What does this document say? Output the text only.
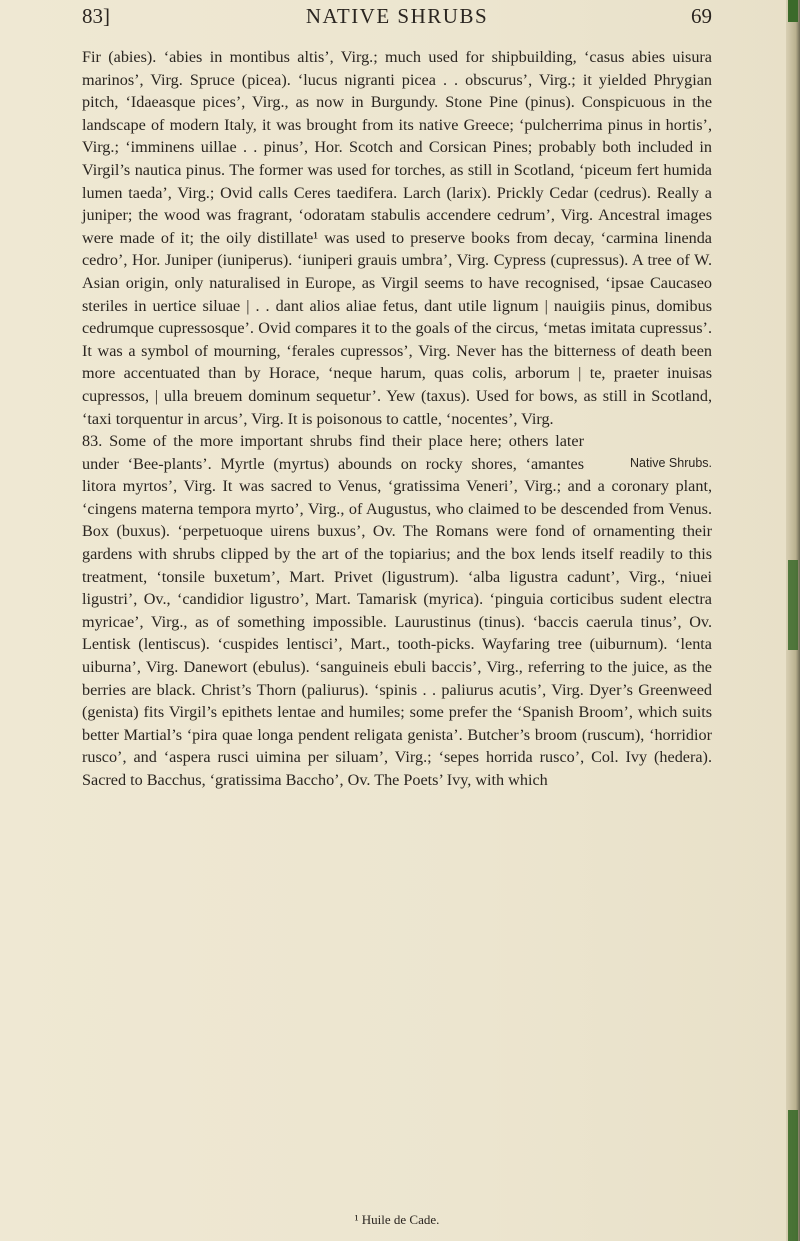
83]	NATIVE SHRUBS	69

Fir (abies). ‘abies in montibus altis’, Virg.; much used for shipbuilding, ‘casus abies uisura marinos’, Virg. Spruce (picea). ‘lucus nigranti picea . . obscurus’, Virg.; it yielded Phrygian pitch, ‘Idaeasque pices’, Virg., as now in Burgundy. Stone Pine (pinus). Conspicuous in the landscape of modern Italy, it was brought from its native Greece; ‘pulcherrima pinus in hortis’, Virg.; ‘imminens uillae . . pinus’, Hor. Scotch and Corsican Pines; probably both included in Virgil’s nautica pinus. The former was used for torches, as still in Scotland, ‘piceum fert humida lumen taeda’, Virg.; Ovid calls Ceres taedifera. Larch (larix). Prickly Cedar (cedrus). Really a juniper; the wood was fragrant, ‘odoratam stabulis accendere cedrum’, Virg. Ancestral images were made of it; the oily distillate¹ was used to preserve books from decay, ‘carmina linenda cedro’, Hor. Juniper (iuniperus). ‘iuniperi grauis umbra’, Virg. Cypress (cupressus). A tree of W. Asian origin, only naturalised in Europe, as Virgil seems to have recognised, ‘ipsae Caucaseo steriles in uertice siluae | . . dant alios aliae fetus, dant utile lignum | nauigiis pinus, domibus cedrumque cupressosque’. Ovid compares it to the goals of the circus, ‘metas imitata cupressus’. It was a symbol of mourning, ‘ferales cupressos’, Virg. Never has the bitterness of death been more accentuated than by Horace, ‘neque harum, quas colis, arborum | te, praeter inuisas cupressos, | ulla breuem dominum sequetur’. Yew (taxus). Used for bows, as still in Scotland, ‘taxi torquentur in arcus’, Virg. It is poisonous to cattle, ‘nocentes’, Virg.

Native Shrubs.
83. Some of the more important shrubs find their place here; others later under ‘Bee-plants’. Myrtle (myrtus) abounds on rocky shores, ‘amantes litora myrtos’, Virg. It was sacred to Venus, ‘gratissima Veneri’, Virg.; and a coronary plant, ‘cingens materna tempora myrto’, Virg., of Augustus, who claimed to be descended from Venus. Box (buxus). ‘perpetuoque uirens buxus’, Ov. The Romans were fond of ornamenting their gardens with shrubs clipped by the art of the topiarius; and the box lends itself readily to this treatment, ‘tonsile buxetum’, Mart. Privet (ligustrum). ‘alba ligustra cadunt’, Virg., ‘niuei ligustri’, Ov., ‘candidior ligustro’, Mart. Tamarisk (myrica). ‘pinguia corticibus sudent electra myricae’, Virg., as of something impossible. Laurustinus (tinus). ‘baccis caerula tinus’, Ov. Lentisk (lentiscus). ‘cuspides lentisci’, Mart., tooth-picks. Wayfaring tree (uiburnum). ‘lenta uiburna’, Virg. Danewort (ebulus). ‘sanguineis ebuli baccis’, Virg., referring to the juice, as the berries are black. Christ’s Thorn (paliurus). ‘spinis . . paliurus acutis’, Virg. Dyer’s Greenweed (genista) fits Virgil’s epithets lentae and humiles; some prefer the ‘Spanish Broom’, which suits better Martial’s ‘pira quae longa pendent religata genista’. Butcher’s broom (ruscum), ‘horridior rusco’, and ‘aspera rusci uimina per siluam’, Virg.; ‘sepes horrida rusco’, Col. Ivy (hedera). Sacred to Bacchus, ‘gratissima Baccho’, Ov. The Poets’ Ivy, with which

¹ Huile de Cade.
